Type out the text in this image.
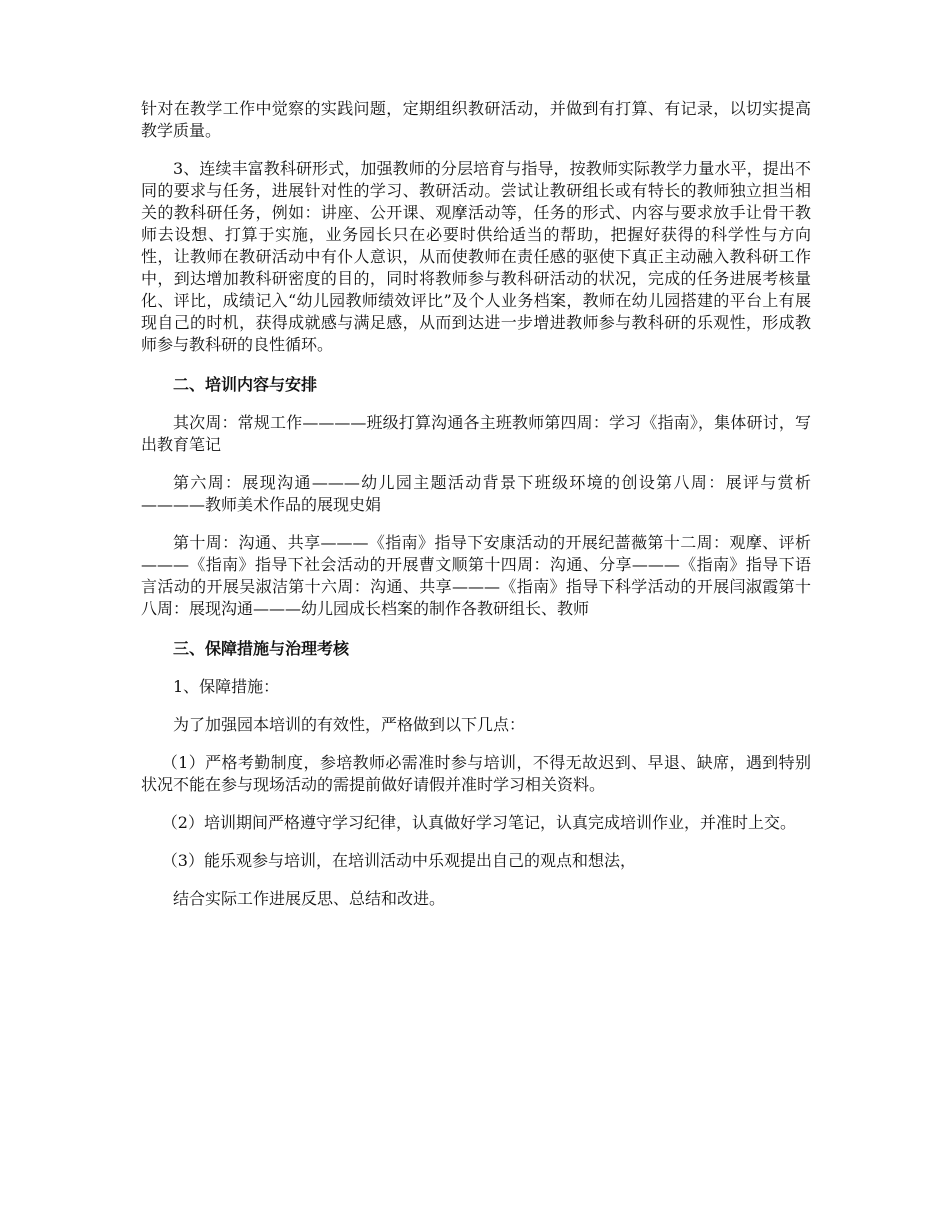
针对在教学工作中觉察的实践问题，定期组织教研活动，并做到有打算、有记录，以切实提高教学质量。

3、连续丰富教科研形式，加强教师的分层培育与指导，按教师实际教学力量水平，提出不同的要求与任务，进展针对性的学习、教研活动。尝试让教研组长或有特长的教师独立担当相关的教科研任务，例如：讲座、公开课、观摩活动等，任务的形式、内容与要求放手让骨干教师去设想、打算于实施，业务园长只在必要时供给适当的帮助，把握好获得的科学性与方向性，让教师在教研活动中有仆人意识，从而使教师在责任感的驱使下真正主动融入教科研工作中，到达增加教科研密度的目的，同时将教师参与教科研活动的状况，完成的任务进展考核量化、评比，成绩记入“幼儿园教师绩效评比”及个人业务档案，教师在幼儿园搭建的平台上有展现自己的时机，获得成就感与满足感，从而到达进一步增进教师参与教科研的乐观性，形成教师参与教科研的良性循环。

二、培训内容与安排

其次周：常规工作————班级打算沟通各主班教师第四周：学习《指南》，集体研讨，写出教育笔记

第六周：展现沟通———幼儿园主题活动背景下班级环境的创设第八周：展评与赏析————教师美术作品的展现史娟

第十周：沟通、共享———《指南》指导下安康活动的开展纪蔷薇第十二周：观摩、评析———《指南》指导下社会活动的开展曹文顺第十四周：沟通、分享———《指南》指导下语言活动的开展吴淑洁第十六周：沟通、共享———《指南》指导下科学活动的开展闫淑霞第十八周：展现沟通———幼儿园成长档案的制作各教研组长、教师

三、保障措施与治理考核

1、保障措施：

为了加强园本培训的有效性，严格做到以下几点：

（1）严格考勤制度，参培教师必需准时参与培训，不得无故迟到、早退、缺席，遇到特别状况不能在参与现场活动的需提前做好请假并准时学习相关资料。

（2）培训期间严格遵守学习纪律，认真做好学习笔记，认真完成培训作业，并准时上交。

（3）能乐观参与培训，在培训活动中乐观提出自己的观点和想法，

结合实际工作进展反思、总结和改进。
